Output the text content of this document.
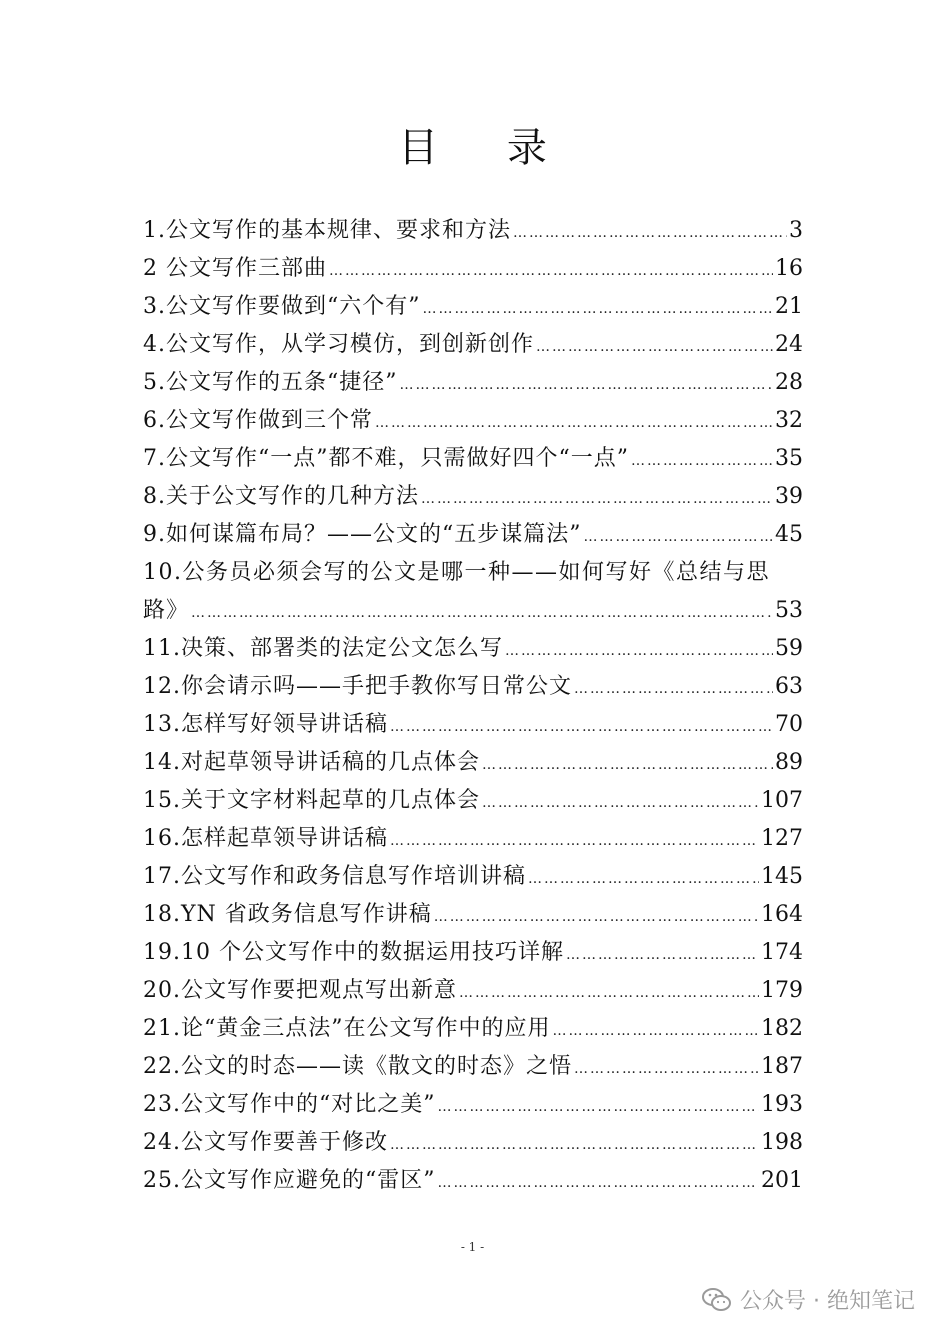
目 录
1.公文写作的基本规律、要求和方法 …………………………………………………………………………………………………………………………………………………………………………	3
2 公文写作三部曲 …………………………………………………………………………………………………………………………………………………………………………	16
3.公文写作要做到“六个有” …………………………………………………………………………………………………………………………………………………………………………	21
4.公文写作，从学习模仿，到创新创作 …………………………………………………………………………………………………………………………………………………………………………	24
5.公文写作的五条“捷径” …………………………………………………………………………………………………………………………………………………………………………	28
6.公文写作做到三个常 …………………………………………………………………………………………………………………………………………………………………………	32
7.公文写作“一点”都不难，只需做好四个“一点” …………………………………………………………………………………………………………………………………………………………………………	35
8.关于公文写作的几种方法 …………………………………………………………………………………………………………………………………………………………………………	39
9.如何谋篇布局？——公文的“五步谋篇法” …………………………………………………………………………………………………………………………………………………………………………	45
10.公务员必须会写的公文是哪一种——如何写好《总结与思
路》 …………………………………………………………………………………………………………………………………………………………………………	53
11.决策、部署类的法定公文怎么写 …………………………………………………………………………………………………………………………………………………………………………	59
12.你会请示吗——手把手教你写日常公文 …………………………………………………………………………………………………………………………………………………………………………	63
13.怎样写好领导讲话稿 …………………………………………………………………………………………………………………………………………………………………………	70
14.对起草领导讲话稿的几点体会 …………………………………………………………………………………………………………………………………………………………………………	89
15.关于文字材料起草的几点体会 …………………………………………………………………………………………………………………………………………………………………………	107
16.怎样起草领导讲话稿 …………………………………………………………………………………………………………………………………………………………………………	127
17.公文写作和政务信息写作培训讲稿 …………………………………………………………………………………………………………………………………………………………………………	145
18.YN 省政务信息写作讲稿 …………………………………………………………………………………………………………………………………………………………………………	164
19.10 个公文写作中的数据运用技巧详解 …………………………………………………………………………………………………………………………………………………………………………	174
20.公文写作要把观点写出新意 …………………………………………………………………………………………………………………………………………………………………………	179
21.论“黄金三点法”在公文写作中的应用 …………………………………………………………………………………………………………………………………………………………………………	182
22.公文的时态——读《散文的时态》之悟 …………………………………………………………………………………………………………………………………………………………………………	187
23.公文写作中的“对比之美” …………………………………………………………………………………………………………………………………………………………………………	193
24.公文写作要善于修改 …………………………………………………………………………………………………………………………………………………………………………	198
25.公文写作应避免的“雷区” …………………………………………………………………………………………………………………………………………………………………………	201
- 1 -
公众号 · 绝知笔记
